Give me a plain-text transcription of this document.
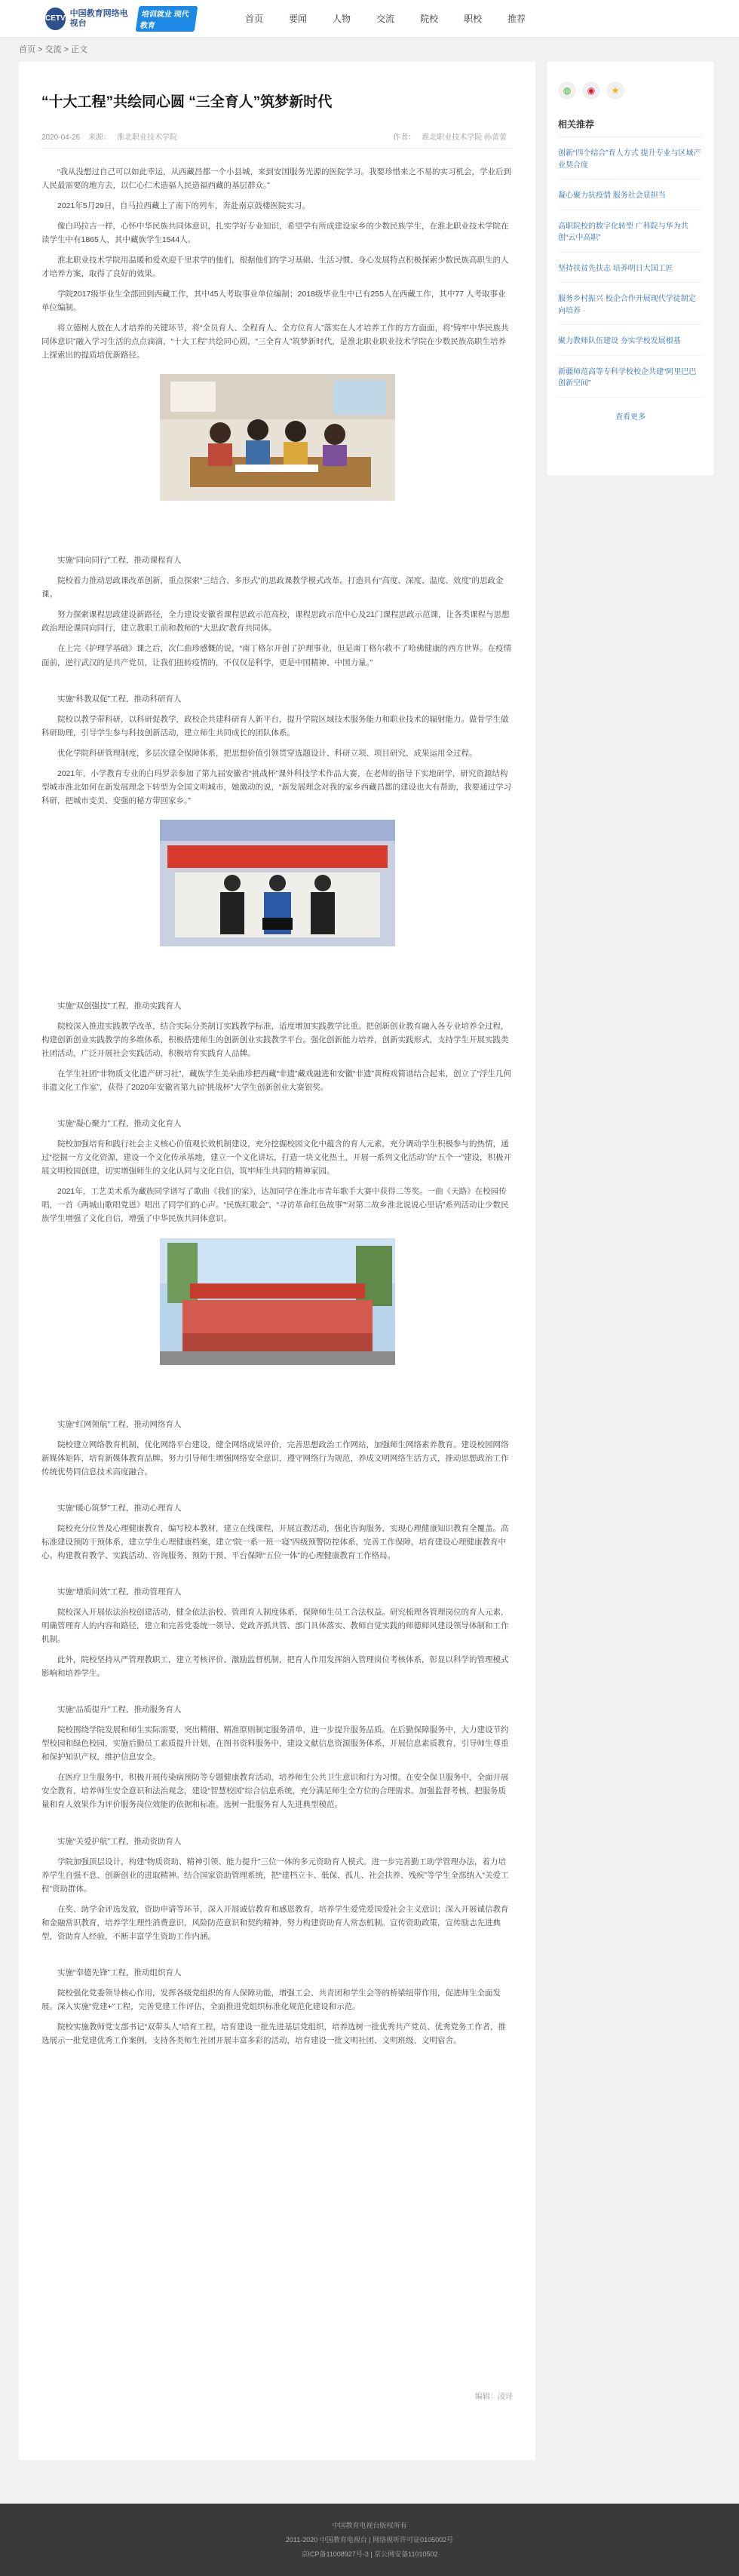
CETV
中国教育网络电视台
培训就业 现代教育
首页	要闻	人物	交流	院校	职校	推荐
首页 > 交流 > 正文
“十大工程”共绘同心圆 “三全育人”筑梦新时代
2020-04-26 来源： 淮北职业技术学院	作者： 淮北职业技术学院 孙蕾蕾

“我从没想过自己可以如此幸运，从西藏昌都一个小县城，来到安国服务光源的医院学习。我要珍惜来之不易的实习机会，学业后到人民最需要的地方去，以仁心仁术造福人民造福西藏的基层群众。”

2021年5月29日，自马拉西藏上了南下的列车，奔赴南京鼓楼医院实习。

像白玛拉吉一样，心怀中华民族共同体意识，扎实学好专业知识，希望学有所成建设家乡的少数民族学生，在淮北职业技术学院在读学生中有1865人，其中藏族学生1544人。

淮北职业技术学院用温暖和爱欢迎千里求学的他们，根据他们的学习基础、生活习惯、身心发展特点积极探索少数民族高职生的人才培养方案，取得了良好的效果。

学院2017级毕业生全部回到西藏工作，其中45人考取事业单位编制；2018级毕业生中已有255人在西藏工作，其中77 人考取事业单位编制。

将立德树人放在人才培养的关键环节，将“全员育人、全程育人、全方位育人”落实在人才培养工作的方方面面，将“铸牢中华民族共同体意识”融入学习生活的点点滴滴，“十大工程”共绘同心圆，“三全育人”筑梦新时代，是淮北职业职业技术学院在少数民族高职生培养上探索出的提质培优新路径。

实施“同向同行”工程，推动课程育人

院校着力推动思政课改革创新，重点探索“三结合、多形式”的思政课教学模式改革。打造具有“高度、深度、温度、效度”的思政金课。

努力探索课程思政建设新路径，全力建设安徽省课程思政示范高校，课程思政示范中心及21门课程思政示范课，让各类课程与思想政治理论课同向同行，建立教职工前和教师的“大思政”教育共同体。

在上完《护理学基础》课之后，次仁曲珍感慨的说，“南丁格尔开创了护理事业，但是南丁格尔救不了哈佛健康的西方世界。在疫情面前，逆行武汉的是共产党员，让我们扭转疫情的，不仅仅是科学，更是中国精神、中国力量。”

实施“科教双促”工程，推动科研育人

院校以教学带科研，以科研促教学，政校企共建科研育人新平台，提升学院区域技术服务能力和职业技术的辐射能力。做骨学生做科研助理，引导学生参与科技创新活动，建立师生共同成长的团队体系。

优化学院科研管理制度，多层次建全保障体系，把思想价值引领贯穿选题设计、科研立项、项目研究、成果运用全过程。

2021年，小学教育专业的白玛罗亲参加了第九届安徽省“挑战杯”课外科技学术作品大赛，在老师的指导下实地研学，研究资源结构型城市淮北如何在新发展理念下转型为全国文明城市，她激动的说，“新发展理念对我的家乡西藏昌都的建设也大有帮助，我要通过学习科研，把城市变美、变强的秘方带回家乡。”

实施“双创强技”工程，推动实践育人

院校深入推进实践教学改革，结合实际分类制订实践教学标准，适度增加实践教学比重。把创新创业教育融入各专业培养全过程，构建创新创业实践教学的多维体系，积极搭建师生的创新创业实践教学平台。强化创新能力培养，创新实践形式，支持学生开展实践类社团活动，广泛开展社会实践活动，积极培育实践育人品牌。

在学生社团“非物质文化遗产研习社”，藏族学生美朵曲珍把西藏“非遗”藏戏融进和安徽“非遗”黄梅戏简谱结合起来，创立了“浮生几何非遗文化工作室”，获得了2020年安徽省第九届“挑战杯”大学生创新创业大赛银奖。

实施“凝心聚力”工程，推动文化育人

院校加强培育和践行社会主义核心价值观长效机制建设，充分挖掘校园文化中蕴含的育人元素，充分调动学生积极参与的热情，通过“挖掘一方文化资源，建设一个文化传承基地，建立一个文化讲坛，打造一块文化热土，开展一系列文化活动”的“五个一”建设，积极开展文明校园创建，切实增强师生的文化认同与文化自信，筑牢师生共同的精神家园。

2021年，工艺美术系为藏族同学谱写了歌曲《我们的家》，达加同学在淮北市青年歌手大赛中获得二等奖。一曲《天路》在校园传唱，一首《两城山歌唱党恩》唱出了同学们的心声。“民族红歌会”、“寻访革命红色故事”“对第二故乡淮北说说心里话”系列活动让少数民族学生增强了文化自信，增强了中华民族共同体意识。

实施“红网领航”工程，推动网络育人

院校建立网络教育机制，优化网络平台建设，健全网络成果评价，完善思想政治工作网站，加强师生网络素养教育。建设校园网络新媒体矩阵，培育新媒体教育品牌。努力引导师生增强网络安全意识，遵守网络行为规范，养成文明网络生活方式，推动思想政治工作传统优势同信息技术高度融合。

实施“暖心筑梦”工程，推动心理育人

院校充分位普及心理健康教育，编写校本教材，建立在线课程，开展宣教活动，强化咨询服务，实现心理健康知识教育全覆盖。高标准建设预防干预体系，建立学生心理健康档案，建立“院一系一班一寝”四级预警防控体系，完善工作保障，培育建设心理健康教育中心。构建教育教学、实践活动、咨询服务、预防干预、平台保障“五位一体”的心理健康教育工作格局。

实施“增质问效”工程，推动管理育人

院校深入开展依法治校创建活动，健全依法治校、管理育人制度体系，保障师生员工合法权益。研究梳理各管理岗位的育人元素，明确管理育人的内容和路径，建立和完善党委统一领导、党政齐抓共管、部门具体落实、教师自觉实践的师德师风建设领导体制和工作机制。

此外，院校坚持从严管理教职工，建立考核评价、激励监督机制，把育人作用发挥纳入管理岗位考核体系，彰显以科学的管理模式影响和培养学生。

实施“品质提升”工程，推动服务育人

院校围绕学院发展和师生实际需要，突出精细、精准原则制定服务清单，进一步提升服务品质。在后勤保障服务中，大力建设节约型校园和绿色校园，实施后勤员工素质提升计划，在图书资料服务中，建设文献信息资源服务体系，开展信息素质教育，引导师生尊重和保护知识产权，维护信息安全。

在医疗卫生服务中，积极开展传染病预防等专题健康教育活动，培养师生公共卫生意识和行为习惯。在安全保卫服务中，全面开展安全教育，培养师生安全意识和法治观念，建设“智慧校园”综合信息系统，充分满足师生全方位的合理需求。加强监督考核，把服务质量和育人效果作为评价服务岗位效能的依据和标准。选树一批服务育人先进典型模范。

实施“关爱护航”工程，推动资助育人

学院加强顶层设计，构建“物质资助、精神引领、能力提升”三位一体的多元资助育人模式。进一步完善勤工助学管理办法，着力培养学生自强不息、创新创业的进取精神。结合国家资助管理系统，把“建档立卡、低保、孤儿、社会扶养、残疾”等学生全部纳入“关爱工程”资助群体。

在奖、助学金评选发放，资助申请等环节，深入开展诚信教育和感恩教育，培养学生爱党爱国爱社会主义意识；深入开展诚信教育和金融常识教育，培养学生理性消费意识，风险防范意识和契约精神，努力构建资助育人常态机制。宣传资助政策，宣传励志先进典型，资助育人经验，不断丰富学生资助工作内涵。

实施“奉德先锋”工程，推动组织育人

院校强化党委领导核心作用，发挥各级党组织的育人保障功能，增强工会、共青团和学生会等的桥梁纽带作用，促进师生全面发展。深入实施“党建+”工程，完善党建工作评估，全面推进党组织标准化规范化建设和示范。

院校实施教师党支部书记“双带头人”培育工程，培育建设一批先进基层党组织，培养选树一批优秀共产党员、优秀党务工作者，推选展示一批党建优秀工作案例，支持各类师生社团开展丰富多彩的活动，培育建设一批文明社团、文明班级、文明宿舍。

编辑：凌诗
◍	◉	★
相关推荐
创新“四个结合”育人方式 提升专业与区域产业契合度
凝心聚力抗疫情 服务社会显担当
高职院校的数字化转型 广科院与华为共创“云中高职”
坚持扶贫先扶志 培养明日大国工匠
服务乡村振兴 校企合作开展现代学徒制定向培养
聚力教师队伍建设 夯实学校发展根基
新疆师范高等专科学校校企共建“阿里巴巴创新空间”
查看更多
中国教育电视台版权所有
2011-2020 中国教育电视台 | 网络视听许可证0105002号
京ICP备11008927号-3 | 京公网安备11010502
